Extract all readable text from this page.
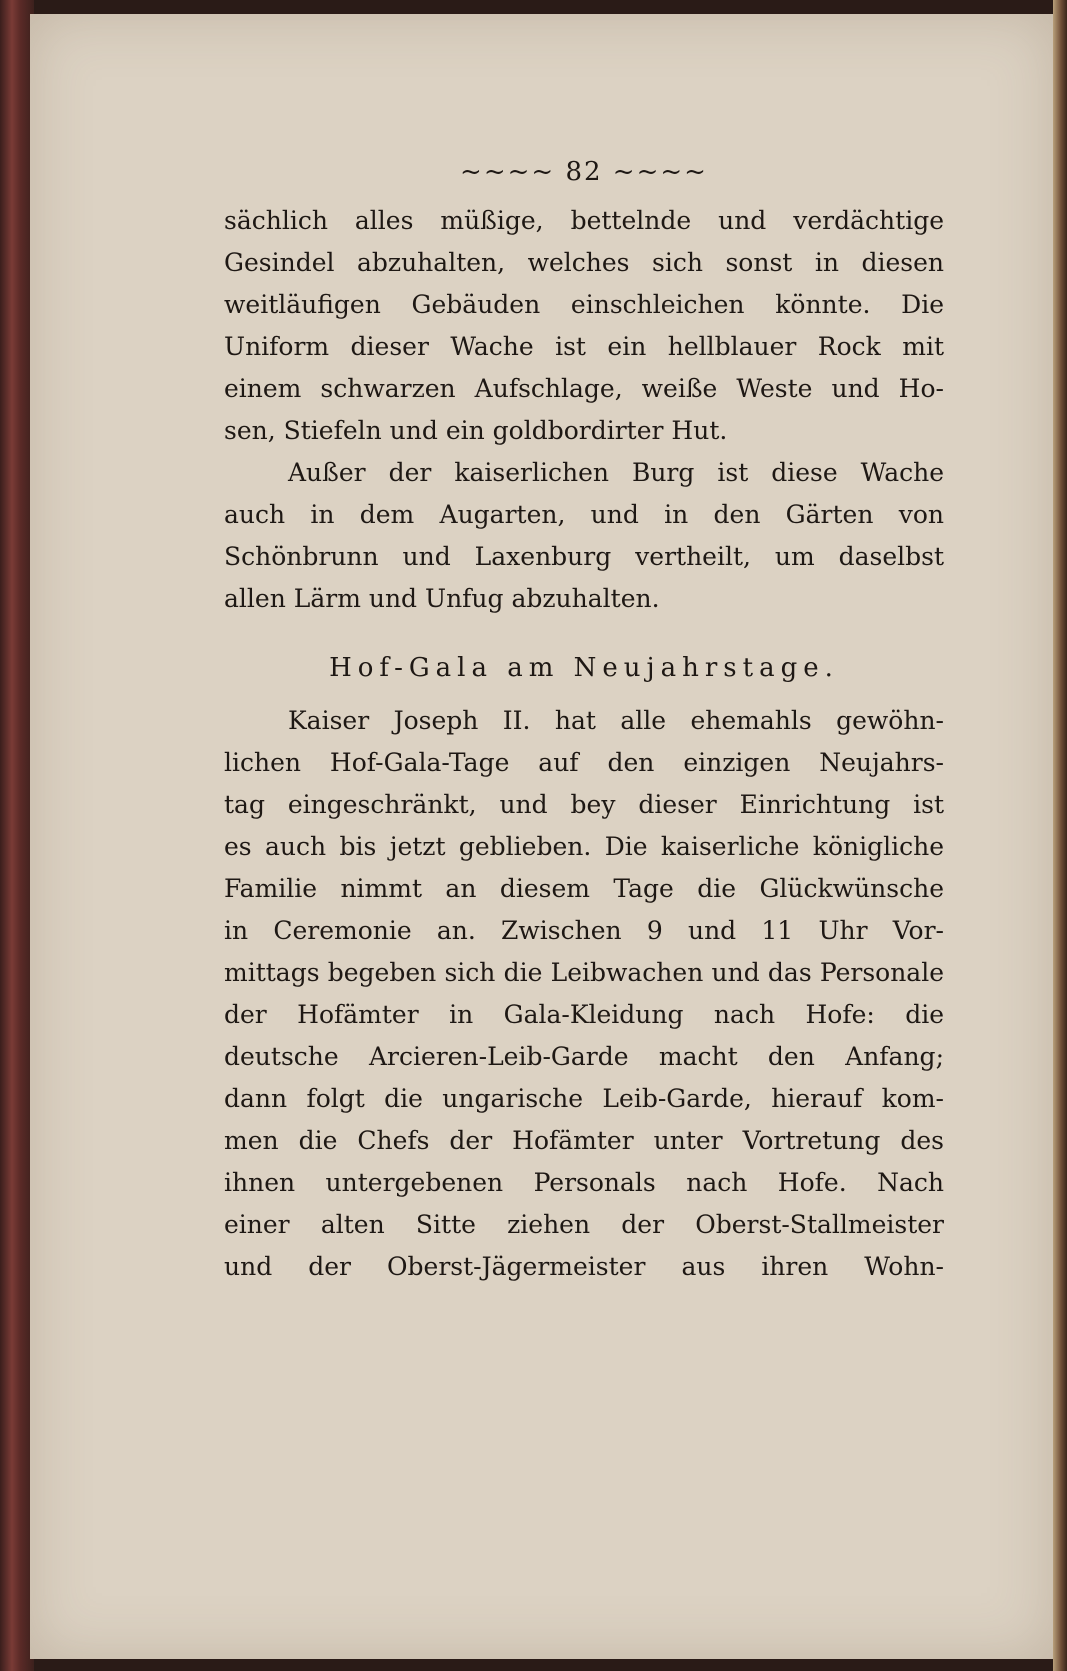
~~~~ 82 ~~~~
sächlich alles müßige, bettelnde und verdächtige
Gesindel abzuhalten, welches sich sonst in diesen
weitläufigen Gebäuden einschleichen könnte. Die
Uniform dieser Wache ist ein hellblauer Rock mit
einem schwarzen Aufschlage, weiße Weste und Ho-
sen, Stiefeln und ein goldbordirter Hut.
Außer der kaiserlichen Burg ist diese Wache
auch in dem Augarten, und in den Gärten von
Schönbrunn und Laxenburg vertheilt, um daselbst
allen Lärm und Unfug abzuhalten.
Hof-Gala am Neujahrstage.
Kaiser Joseph II. hat alle ehemahls gewöhn-
lichen Hof-Gala-Tage auf den einzigen Neujahrs-
tag eingeschränkt, und bey dieser Einrichtung ist
es auch bis jetzt geblieben. Die kaiserliche königliche
Familie nimmt an diesem Tage die Glückwünsche
in Ceremonie an. Zwischen 9 und 11 Uhr Vor-
mittags begeben sich die Leibwachen und das Personale
der Hofämter in Gala-Kleidung nach Hofe: die
deutsche Arcieren-Leib-Garde macht den Anfang;
dann folgt die ungarische Leib-Garde, hierauf kom-
men die Chefs der Hofämter unter Vortretung des
ihnen untergebenen Personals nach Hofe. Nach
einer alten Sitte ziehen der Oberst-Stallmeister
und der Oberst-Jägermeister aus ihren Wohn-
